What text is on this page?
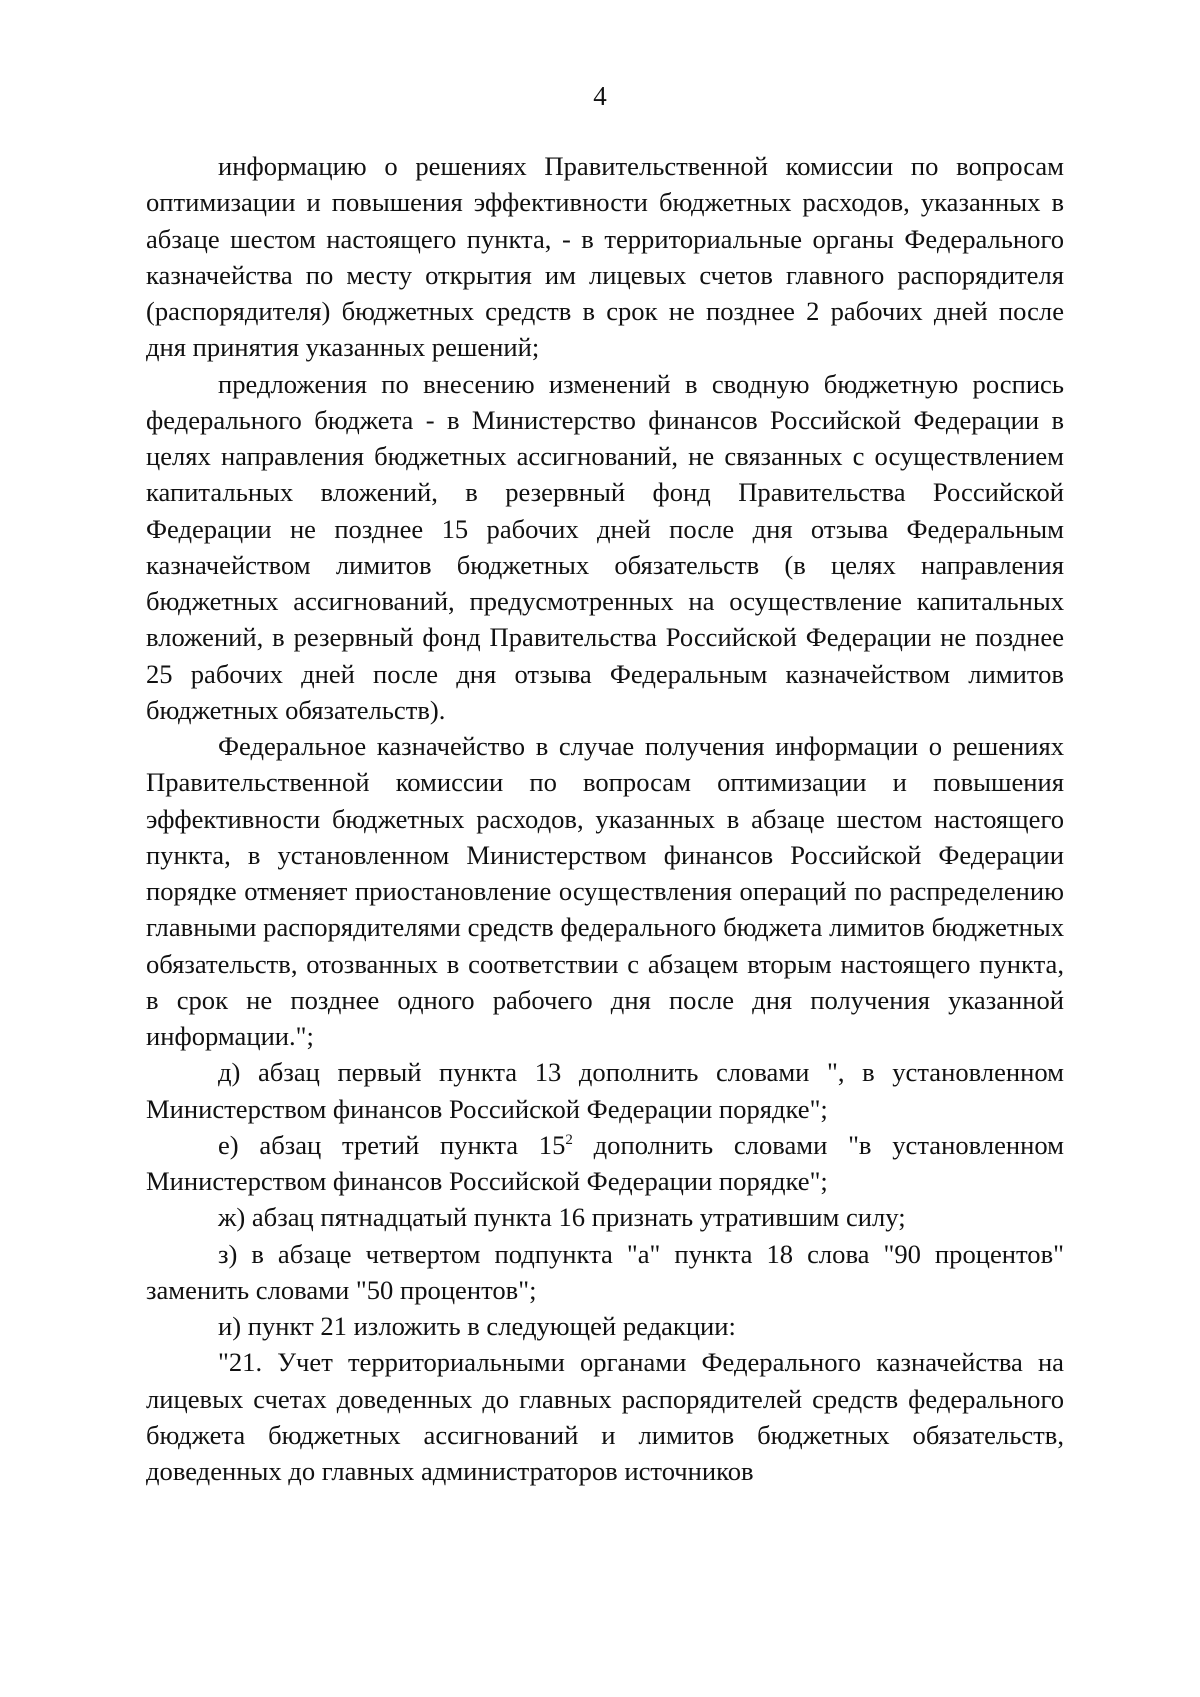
4

информацию о решениях Правительственной комиссии по вопросам оптимизации и повышения эффективности бюджетных расходов, указанных в абзаце шестом настоящего пункта, - в территориальные органы Федерального казначейства по месту открытия им лицевых счетов главного распорядителя (распорядителя) бюджетных средств в срок не позднее 2 рабочих дней после дня принятия указанных решений;

предложения по внесению изменений в сводную бюджетную роспись федерального бюджета - в Министерство финансов Российской Федерации в целях направления бюджетных ассигнований, не связанных с осуществлением капитальных вложений, в резервный фонд Правительства Российской Федерации не позднее 15 рабочих дней после дня отзыва Федеральным казначейством лимитов бюджетных обязательств (в целях направления бюджетных ассигнований, предусмотренных на осуществление капитальных вложений, в резервный фонд Правительства Российской Федерации не позднее 25 рабочих дней после дня отзыва Федеральным казначейством лимитов бюджетных обязательств).

Федеральное казначейство в случае получения информации о решениях Правительственной комиссии по вопросам оптимизации и повышения эффективности бюджетных расходов, указанных в абзаце шестом настоящего пункта, в установленном Министерством финансов Российской Федерации порядке отменяет приостановление осуществления операций по распределению главными распорядителями средств федерального бюджета лимитов бюджетных обязательств, отозванных в соответствии с абзацем вторым настоящего пункта, в срок не позднее одного рабочего дня после дня получения указанной информации.";

д) абзац первый пункта 13 дополнить словами ", в установленном Министерством финансов Российской Федерации порядке";

е) абзац третий пункта $15^2$ дополнить словами "в установленном Министерством финансов Российской Федерации порядке";

ж) абзац пятнадцатый пункта 16 признать утратившим силу;

з) в абзаце четвертом подпункта "а" пункта 18 слова "90 процентов" заменить словами "50 процентов";

и) пункт 21 изложить в следующей редакции:

"21. Учет территориальными органами Федерального казначейства на лицевых счетах доведенных до главных распорядителей средств федерального бюджета бюджетных ассигнований и лимитов бюджетных обязательств, доведенных до главных администраторов источников
